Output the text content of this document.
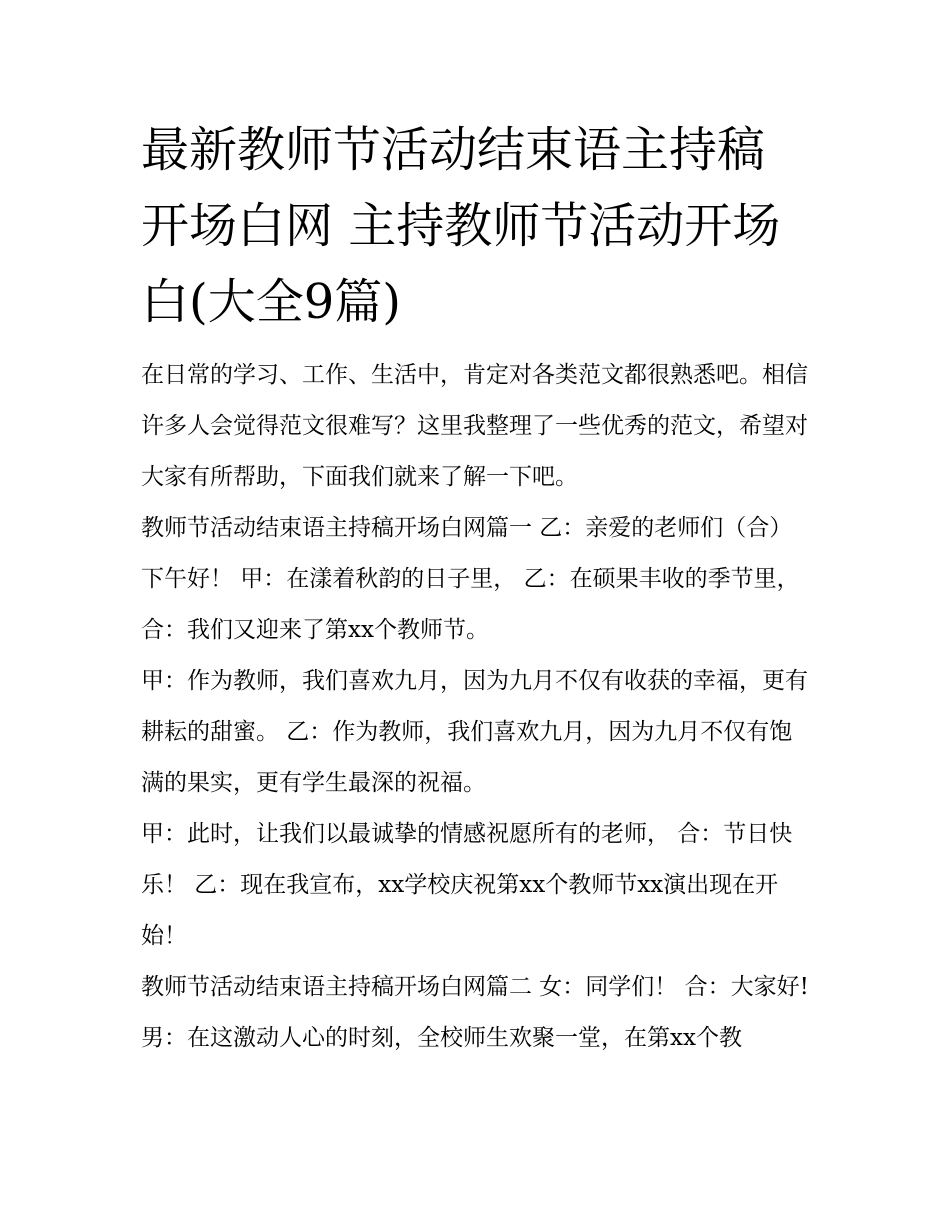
最新教师节活动结束语主持稿开场白网 主持教师节活动开场白(大全9篇)

在日常的学习、工作、生活中，肯定对各类范文都很熟悉吧。相信许多人会觉得范文很难写？这里我整理了一些优秀的范文，希望对大家有所帮助，下面我们就来了解一下吧。

教师节活动结束语主持稿开场白网篇一 乙：亲爱的老师们（合）下午好！ 甲：在漾着秋韵的日子里， 乙：在硕果丰收的季节里， 合：我们又迎来了第xx个教师节。

甲：作为教师，我们喜欢九月，因为九月不仅有收获的幸福，更有耕耘的甜蜜。 乙：作为教师，我们喜欢九月，因为九月不仅有饱满的果实，更有学生最深的祝福。

甲：此时，让我们以最诚挚的情感祝愿所有的老师， 合：节日快乐！ 乙：现在我宣布，xx学校庆祝第xx个教师节xx演出现在开始！

教师节活动结束语主持稿开场白网篇二 女：同学们！ 合：大家好!

男：在这激动人心的时刻，全校师生欢聚一堂，在第xx个教
